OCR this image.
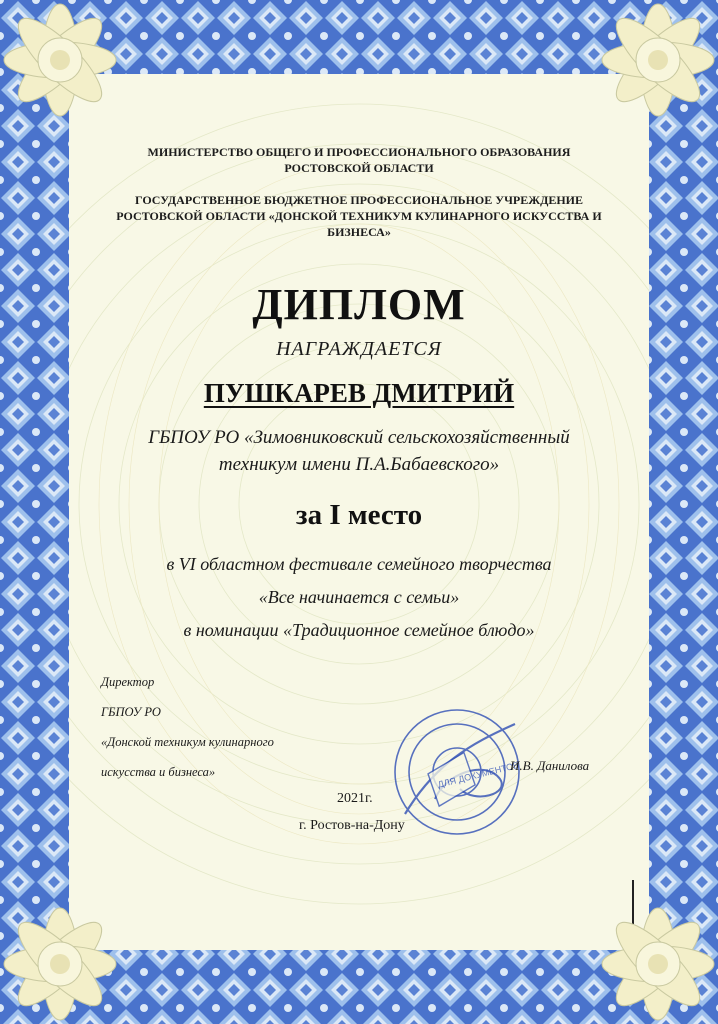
МИНИСТЕРСТВО ОБЩЕГО И ПРОФЕССИОНАЛЬНОГО ОБРАЗОВАНИЯ
РОСТОВСКОЙ ОБЛАСТИ
ГОСУДАРСТВЕННОЕ БЮДЖЕТНОЕ ПРОФЕССИОНАЛЬНОЕ УЧРЕЖДЕНИЕ
РОСТОВСКОЙ ОБЛАСТИ «ДОНСКОЙ ТЕХНИКУМ КУЛИНАРНОГО ИСКУССТВА И
БИЗНЕСА»
ДИПЛОМ
НАГРАЖДАЕТСЯ
ПУШКАРЕВ ДМИТРИЙ
ГБПОУ РО «Зимовниковский сельскохозяйственный
техникум имени П.А.Бабаевского»
за I место
в VI областном фестивале семейного творчества
«Все начинается с семьи»
в номинации «Традиционное семейное блюдо»
Директор
ГБПОУ РО
«Донской техникум кулинарного
искусства и бизнеса»	ДЛЯ ДОКУМЕНТОВ
И.В. Данилова
2021г.
г. Ростов-на-Дону
